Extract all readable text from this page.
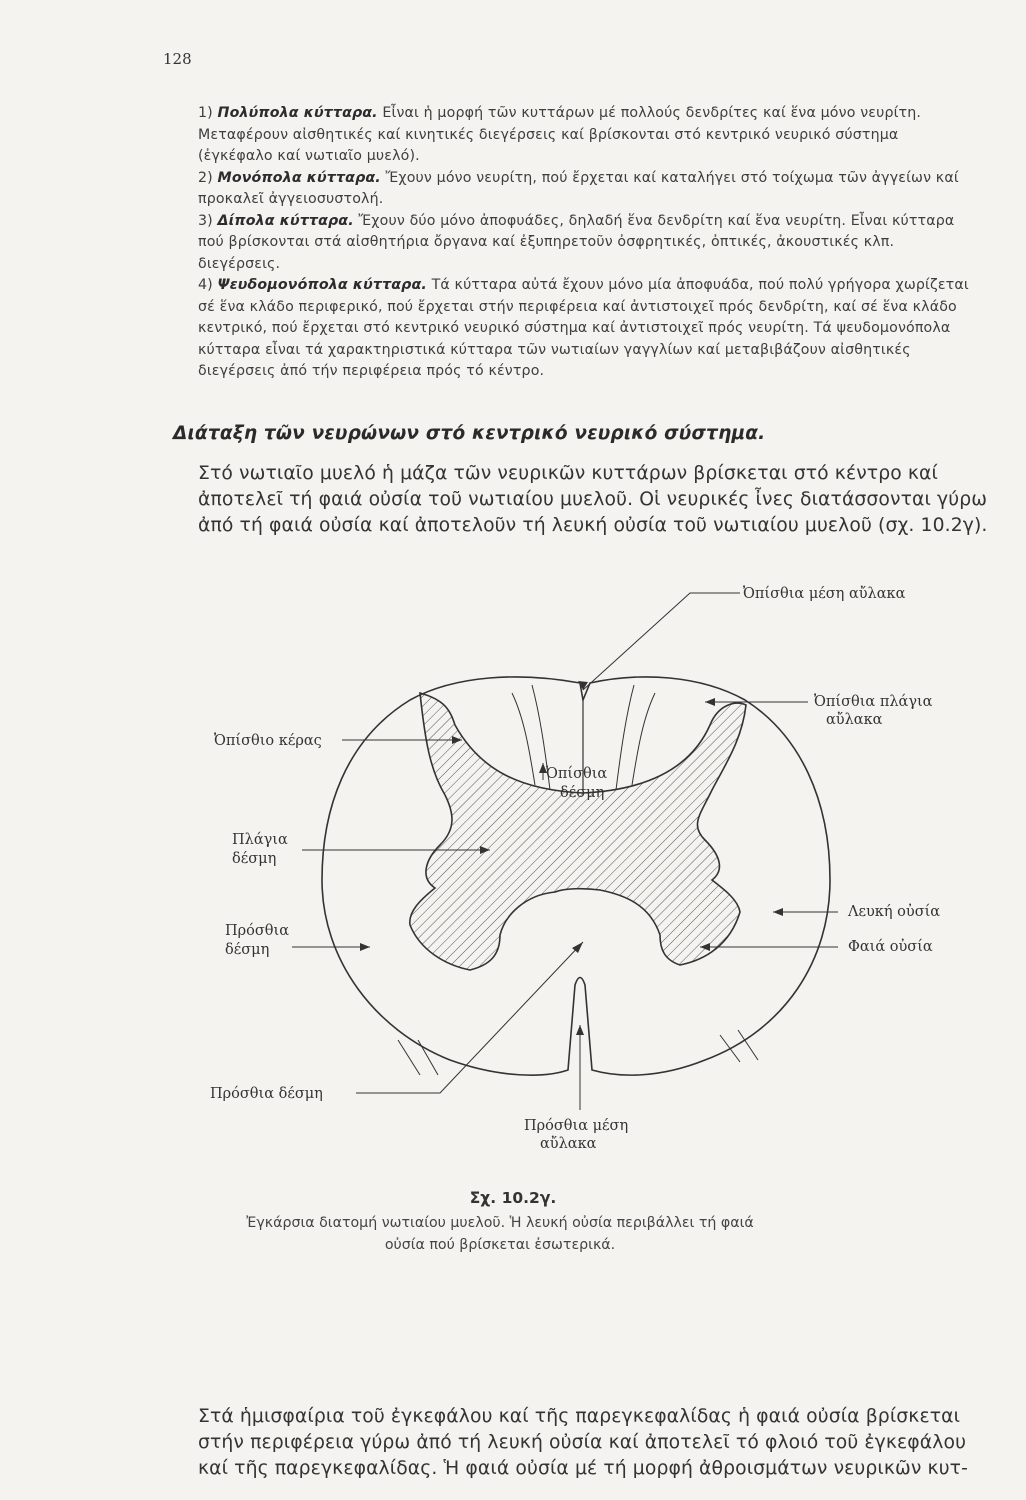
128

1) Πολύπολα κύτταρα. Εἶναι ἡ μορφή τῶν κυττάρων μέ πολλούς δενδρίτες καί ἕνα μόνο νευρίτη. Μεταφέρουν αἰσθητικές καί κινητικές διεγέρσεις καί βρίσκονται στό κεντρικό νευρικό σύστημα (ἐγκέφαλο καί νωτιαῖο μυελό).

2) Μονόπολα κύτταρα. Ἔχουν μόνο νευρίτη, πού ἔρχεται καί καταλήγει στό τοίχωμα τῶν ἀγγείων καί προκαλεῖ ἀγγειοσυστολή.

3) Δίπολα κύτταρα. Ἔχουν δύο μόνο ἀποφυάδες, δηλαδή ἕνα δενδρίτη καί ἕνα νευρίτη. Εἶναι κύτταρα πού βρίσκονται στά αἰσθητήρια ὄργανα καί ἐξυπηρετοῦν ὀσφρητικές, ὀπτικές, ἀκουστικές κλπ. διεγέρσεις.

4) Ψευδομονόπολα κύτταρα. Τά κύτταρα αὐτά ἔχουν μόνο μία ἀποφυάδα, πού πολύ γρήγορα χωρίζεται σέ ἕνα κλάδο περιφερικό, πού ἔρχεται στήν περιφέρεια καί ἀντιστοιχεῖ πρός δενδρίτη, καί σέ ἕνα κλάδο κεντρικό, πού ἔρχεται στό κεντρικό νευρικό σύστημα καί ἀντιστοιχεῖ πρός νευρίτη. Τά ψευδομονόπολα κύτταρα εἶναι τά χαρακτηριστικά κύτταρα τῶν νωτιαίων γαγγλίων καί μεταβιβάζουν αἰσθητικές διεγέρσεις ἀπό τήν περιφέρεια πρός τό κέντρο.

Διάταξη τῶν νευρώνων στό κεντρικό νευρικό σύστημα.
Στό νωτιαῖο μυελό ἡ μάζα τῶν νευρικῶν κυττάρων βρίσκεται στό κέντρο καί ἀποτελεῖ τή φαιά οὐσία τοῦ νωτιαίου μυελοῦ. Οἱ νευρικές ἶνες διατάσσονται γύρω ἀπό τή φαιά οὐσία καί ἀποτελοῦν τή λευκή οὐσία τοῦ νωτιαίου μυελοῦ (σχ. 10.2γ).
Ὀπίσθια μέση αὔλακα
Ὀπίσθια πλάγια
αὔλακα
Ὀπίσθιο κέρας
Ὀπίσθια
δέσμη
Πλάγια
δέσμη
Λευκή οὐσία
Πρόσθια
δέσμη	Φαιά οὐσία
Πρόσθια δέσμη
Πρόσθια μέση
αὔλακα
Σχ. 10.2γ.
Ἐγκάρσια διατομή νωτιαίου μυελοῦ. Ἡ λευκή οὐσία περιβάλλει τή φαιά οὐσία πού βρίσκεται ἐσωτερικά.
Στά ἡμισφαίρια τοῦ ἐγκεφάλου καί τῆς παρεγκεφαλίδας ἡ φαιά οὐσία βρίσκεται στήν περιφέρεια γύρω ἀπό τή λευκή οὐσία καί ἀποτελεῖ τό φλοιό τοῦ ἐγκεφάλου καί τῆς παρεγκεφαλίδας. Ἡ φαιά οὐσία μέ τή μορφή ἀθροισμάτων νευρικῶν κυτ-
